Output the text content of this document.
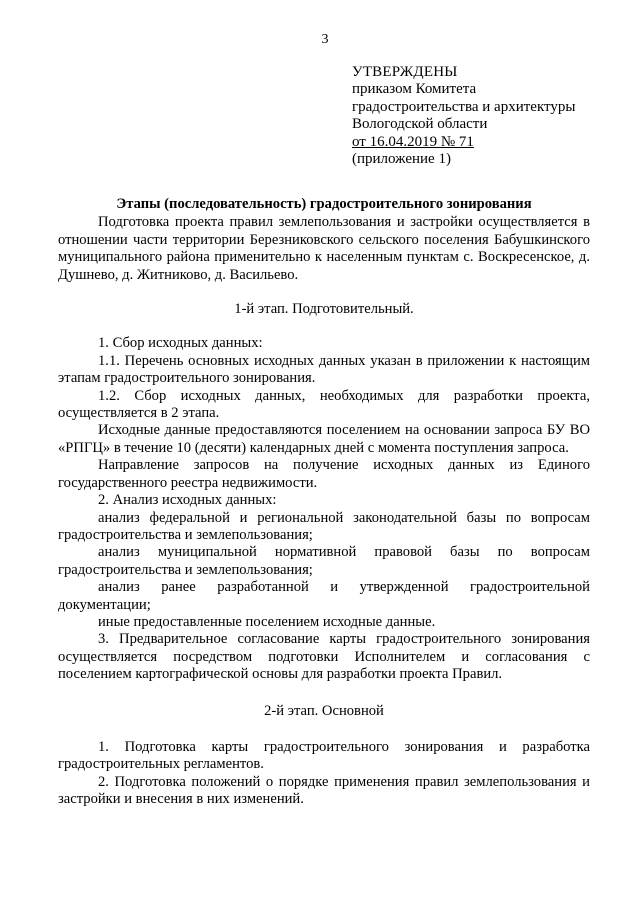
3
УТВЕРЖДЕНЫ
приказом Комитета
градостроительства и архитектуры
Вологодской области
от 16.04.2019 № 71
(приложение 1)
Этапы (последовательность) градостроительного зонирования

Подготовка проекта правил землепользования и застройки осуществляется в отношении части территории Березниковского сельского поселения Бабушкинского муниципального района применительно к населенным пунктам с. Воскресенское, д. Душнево, д. Житниково, д. Васильево.

1-й этап. Подготовительный.

1. Сбор исходных данных:

1.1. Перечень основных исходных данных указан в приложении к настоящим этапам градостроительного зонирования.

1.2. Сбор исходных данных, необходимых для разработки проекта, осуществляется в 2 этапа.

Исходные данные предоставляются поселением на основании запроса БУ ВО «РПГЦ» в течение 10 (десяти) календарных дней с момента поступления запроса.

Направление запросов на получение исходных данных из Единого государственного реестра недвижимости.

2. Анализ исходных данных:

анализ федеральной и региональной законодательной базы по вопросам градостроительства и землепользования;

анализ муниципальной нормативной правовой базы по вопросам градостроительства и землепользования;

анализ ранее разработанной и утвержденной градостроительной документации;

иные предоставленные поселением исходные данные.

3. Предварительное согласование карты градостроительного зонирования осуществляется посредством подготовки Исполнителем и согласования с поселением картографической основы для разработки проекта Правил.

2-й этап. Основной

1. Подготовка карты градостроительного зонирования и разработка градостроительных регламентов.

2. Подготовка положений о порядке применения правил землепользования и застройки и внесения в них изменений.
